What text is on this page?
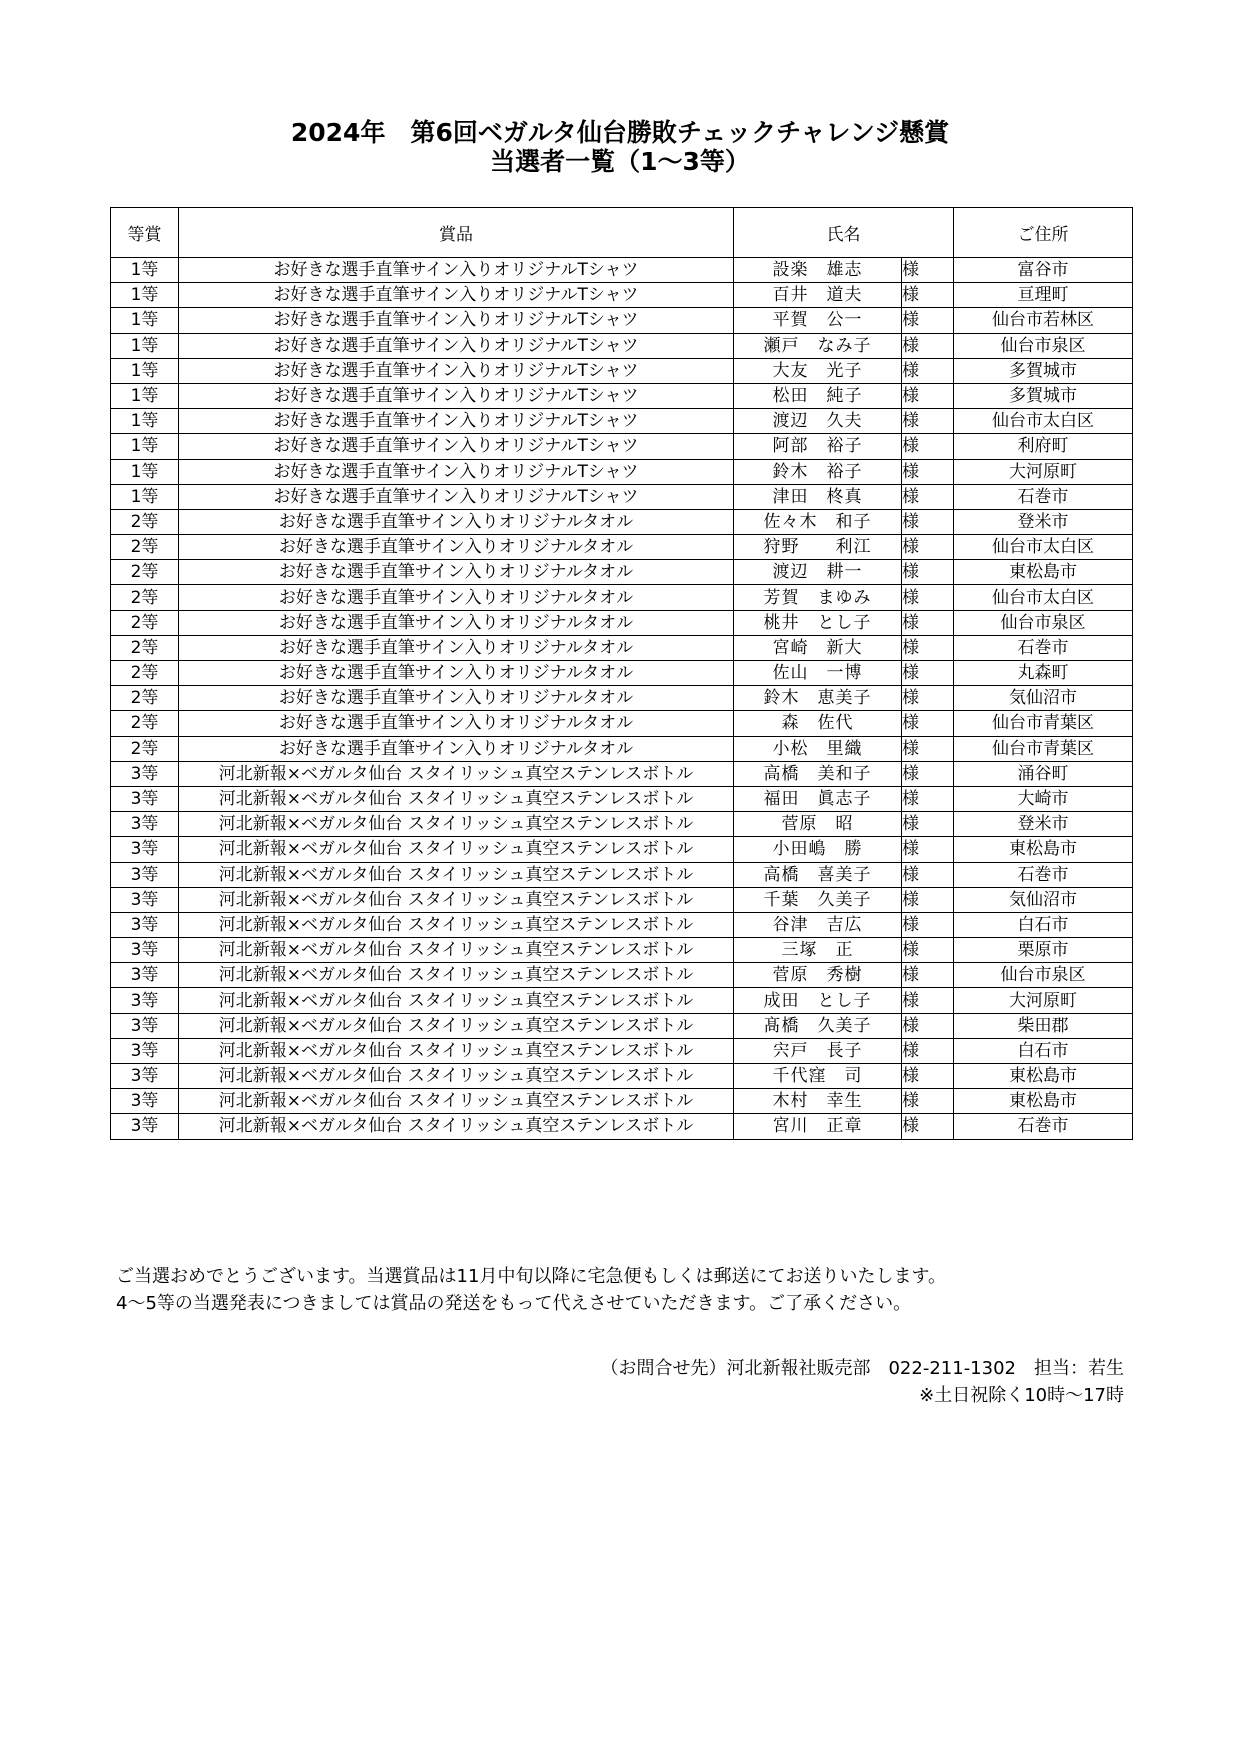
2024年　第6回ベガルタ仙台勝敗チェックチャレンジ懸賞
当選者一覧（1～3等）
等賞	賞品	氏名		ご住所
1等	お好きな選手直筆サイン入りオリジナルTシャツ	設楽　雄志	様	富谷市
1等	お好きな選手直筆サイン入りオリジナルTシャツ	百井　道夫	様	亘理町
1等	お好きな選手直筆サイン入りオリジナルTシャツ	平賀　公一	様	仙台市若林区
1等	お好きな選手直筆サイン入りオリジナルTシャツ	瀬戸　なみ子	様	仙台市泉区
1等	お好きな選手直筆サイン入りオリジナルTシャツ	大友　光子	様	多賀城市
1等	お好きな選手直筆サイン入りオリジナルTシャツ	松田　純子	様	多賀城市
1等	お好きな選手直筆サイン入りオリジナルTシャツ	渡辺　久夫	様	仙台市太白区
1等	お好きな選手直筆サイン入りオリジナルTシャツ	阿部　裕子	様	利府町
1等	お好きな選手直筆サイン入りオリジナルTシャツ	鈴木　裕子	様	大河原町
1等	お好きな選手直筆サイン入りオリジナルTシャツ	津田　柊真	様	石巻市
2等	お好きな選手直筆サイン入りオリジナルタオル	佐々木　和子	様	登米市
2等	お好きな選手直筆サイン入りオリジナルタオル	狩野　　利江	様	仙台市太白区
2等	お好きな選手直筆サイン入りオリジナルタオル	渡辺　耕一	様	東松島市
2等	お好きな選手直筆サイン入りオリジナルタオル	芳賀　まゆみ	様	仙台市太白区
2等	お好きな選手直筆サイン入りオリジナルタオル	桃井　とし子	様	仙台市泉区
2等	お好きな選手直筆サイン入りオリジナルタオル	宮崎　新大	様	石巻市
2等	お好きな選手直筆サイン入りオリジナルタオル	佐山　一博	様	丸森町
2等	お好きな選手直筆サイン入りオリジナルタオル	鈴木　恵美子	様	気仙沼市
2等	お好きな選手直筆サイン入りオリジナルタオル	森　佐代	様	仙台市青葉区
2等	お好きな選手直筆サイン入りオリジナルタオル	小松　里織	様	仙台市青葉区
3等	河北新報×ベガルタ仙台 スタイリッシュ真空ステンレスボトル	高橋　美和子	様	涌谷町
3等	河北新報×ベガルタ仙台 スタイリッシュ真空ステンレスボトル	福田　眞志子	様	大崎市
3等	河北新報×ベガルタ仙台 スタイリッシュ真空ステンレスボトル	菅原　昭	様	登米市
3等	河北新報×ベガルタ仙台 スタイリッシュ真空ステンレスボトル	小田嶋　勝	様	東松島市
3等	河北新報×ベガルタ仙台 スタイリッシュ真空ステンレスボトル	高橋　喜美子	様	石巻市
3等	河北新報×ベガルタ仙台 スタイリッシュ真空ステンレスボトル	千葉　久美子	様	気仙沼市
3等	河北新報×ベガルタ仙台 スタイリッシュ真空ステンレスボトル	谷津　吉広	様	白石市
3等	河北新報×ベガルタ仙台 スタイリッシュ真空ステンレスボトル	三塚　正	様	栗原市
3等	河北新報×ベガルタ仙台 スタイリッシュ真空ステンレスボトル	菅原　秀樹	様	仙台市泉区
3等	河北新報×ベガルタ仙台 スタイリッシュ真空ステンレスボトル	成田　とし子	様	大河原町
3等	河北新報×ベガルタ仙台 スタイリッシュ真空ステンレスボトル	髙橋　久美子	様	柴田郡
3等	河北新報×ベガルタ仙台 スタイリッシュ真空ステンレスボトル	宍戸　長子	様	白石市
3等	河北新報×ベガルタ仙台 スタイリッシュ真空ステンレスボトル	千代窪　司	様	東松島市
3等	河北新報×ベガルタ仙台 スタイリッシュ真空ステンレスボトル	木村　幸生	様	東松島市
3等	河北新報×ベガルタ仙台 スタイリッシュ真空ステンレスボトル	宮川　正章	様	石巻市
ご当選おめでとうございます。当選賞品は11月中旬以降に宅急便もしくは郵送にてお送りいたします。
4～5等の当選発表につきましては賞品の発送をもって代えさせていただきます。ご了承ください。
（お問合せ先）河北新報社販売部　022-211-1302　担当：若生
※土日祝除く10時～17時
